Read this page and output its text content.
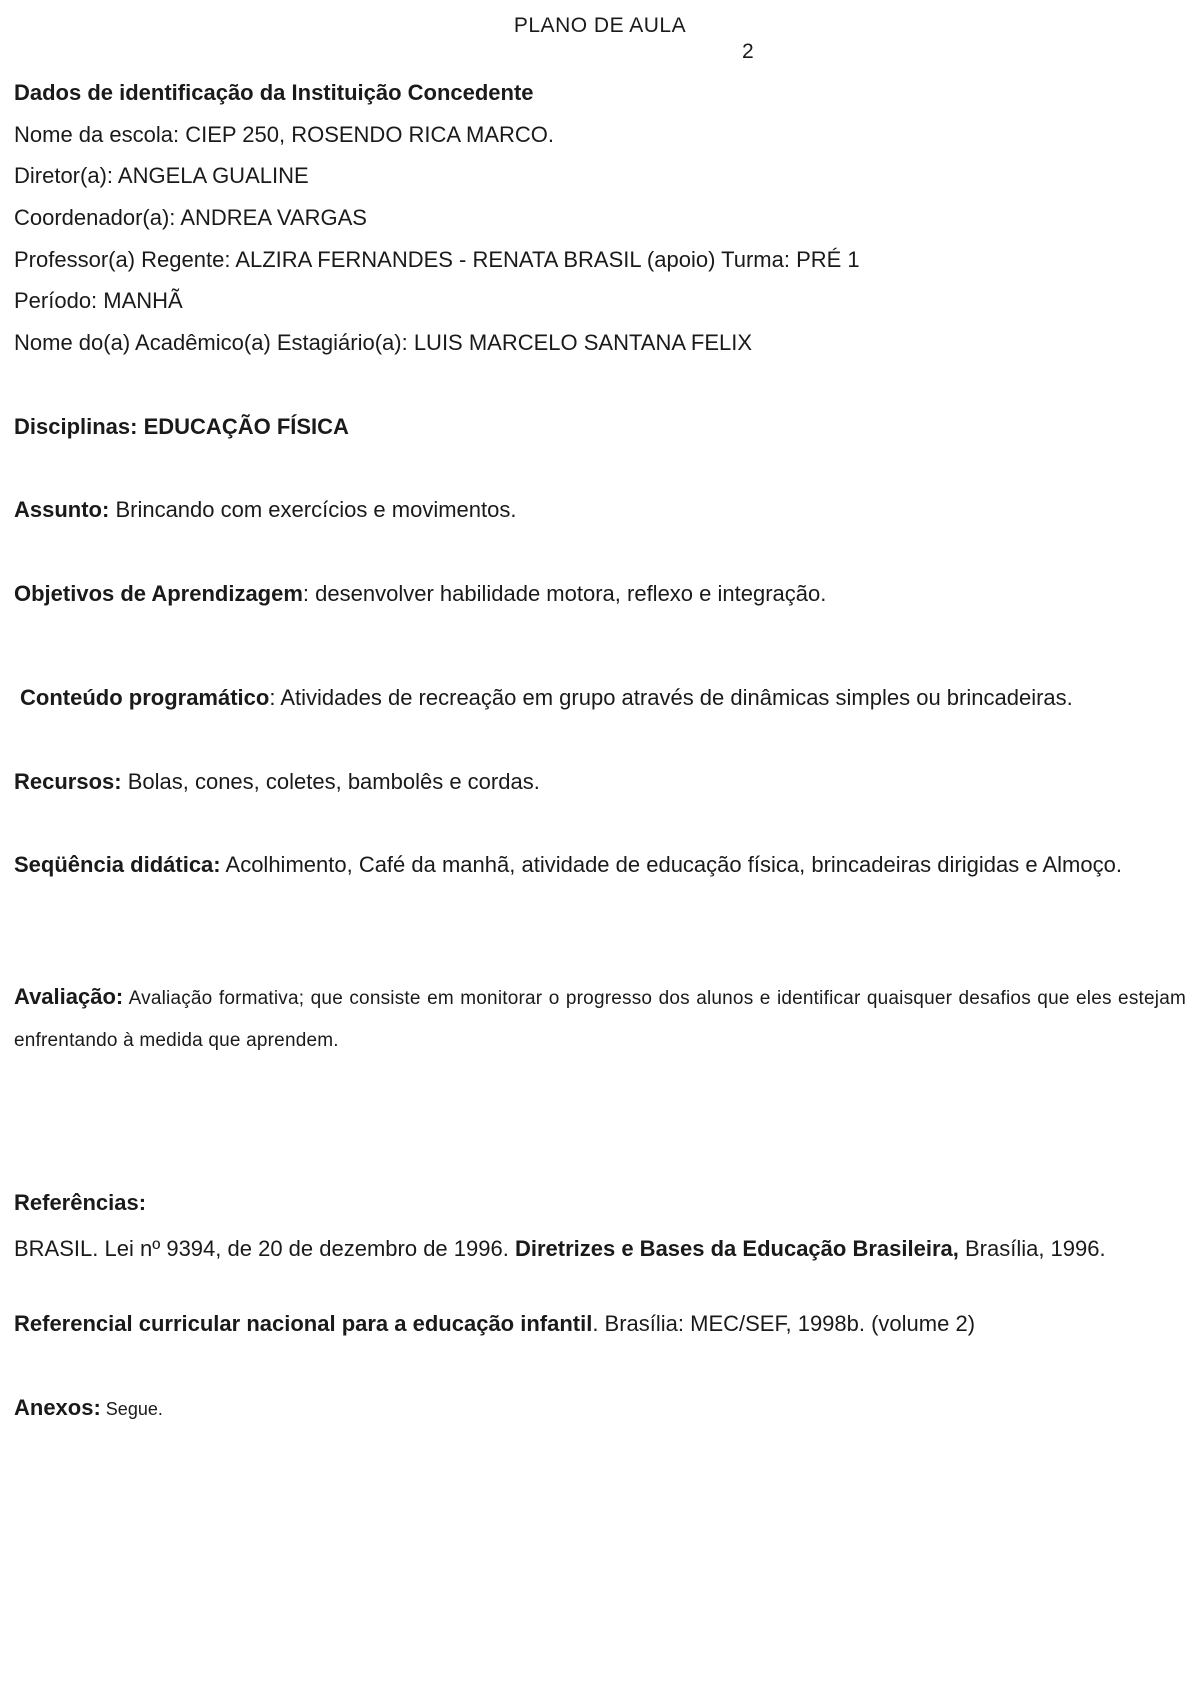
PLANO DE AULA
2
Dados de identificação da Instituição Concedente
Nome da escola: CIEP 250, ROSENDO RICA MARCO.
Diretor(a): ANGELA GUALINE
Coordenador(a): ANDREA VARGAS
Professor(a) Regente: ALZIRA FERNANDES - RENATA BRASIL (apoio) Turma: PRÉ 1
Período: MANHÃ
Nome do(a) Acadêmico(a) Estagiário(a): LUIS MARCELO SANTANA FELIX
Disciplinas: EDUCAÇÃO FÍSICA
Assunto: Brincando com exercícios e movimentos.
Objetivos de Aprendizagem: desenvolver habilidade motora, reflexo e integração.
Conteúdo programático: Atividades de recreação em grupo através de dinâmicas simples ou brincadeiras.
Recursos: Bolas, cones, coletes, bambolês e cordas.
Seqüência didática: Acolhimento, Café da manhã, atividade de educação física, brincadeiras dirigidas e Almoço.
Avaliação: Avaliação formativa; que consiste em monitorar o progresso dos alunos e identificar quaisquer desafios que eles estejam enfrentando à medida que aprendem.
Referências:
BRASIL. Lei nº 9394, de 20 de dezembro de 1996. Diretrizes e Bases da Educação Brasileira, Brasília, 1996.
Referencial curricular nacional para a educação infantil. Brasília: MEC/SEF, 1998b. (volume 2)
Anexos: Segue.
